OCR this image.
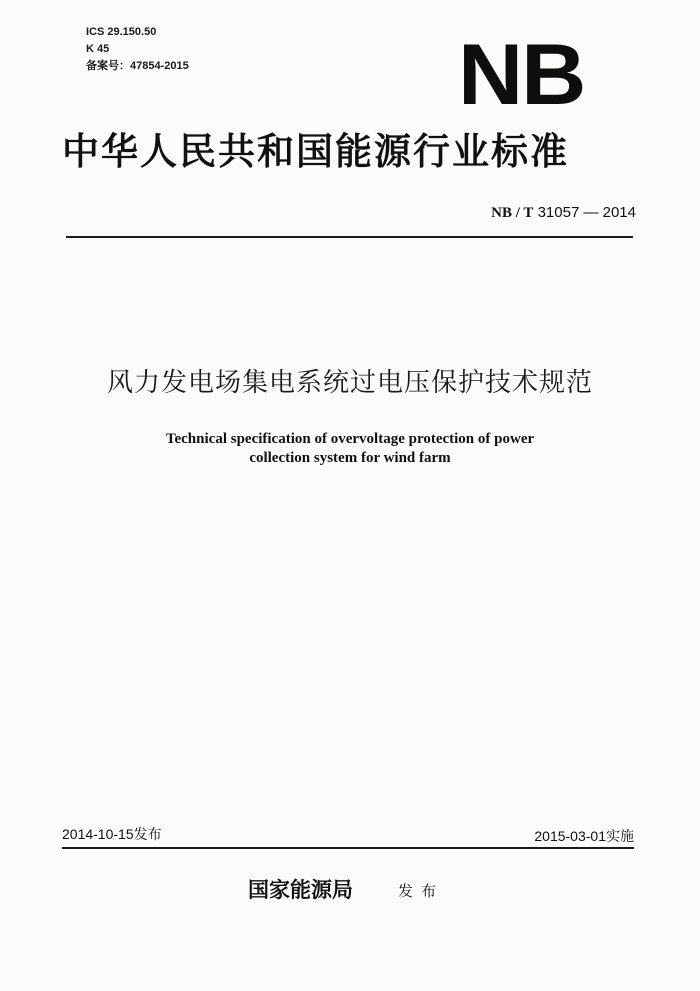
ICS 29.150.50
K 45
备案号：47854-2015	NB
中华人民共和国能源行业标准
NB / T 31057 — 2014
风力发电场集电系统过电压保护技术规范
Technical specification of overvoltage protection of power
collection system for wind farm
2014-10-15发布	2015-03-01实施
国家能源局	发布
